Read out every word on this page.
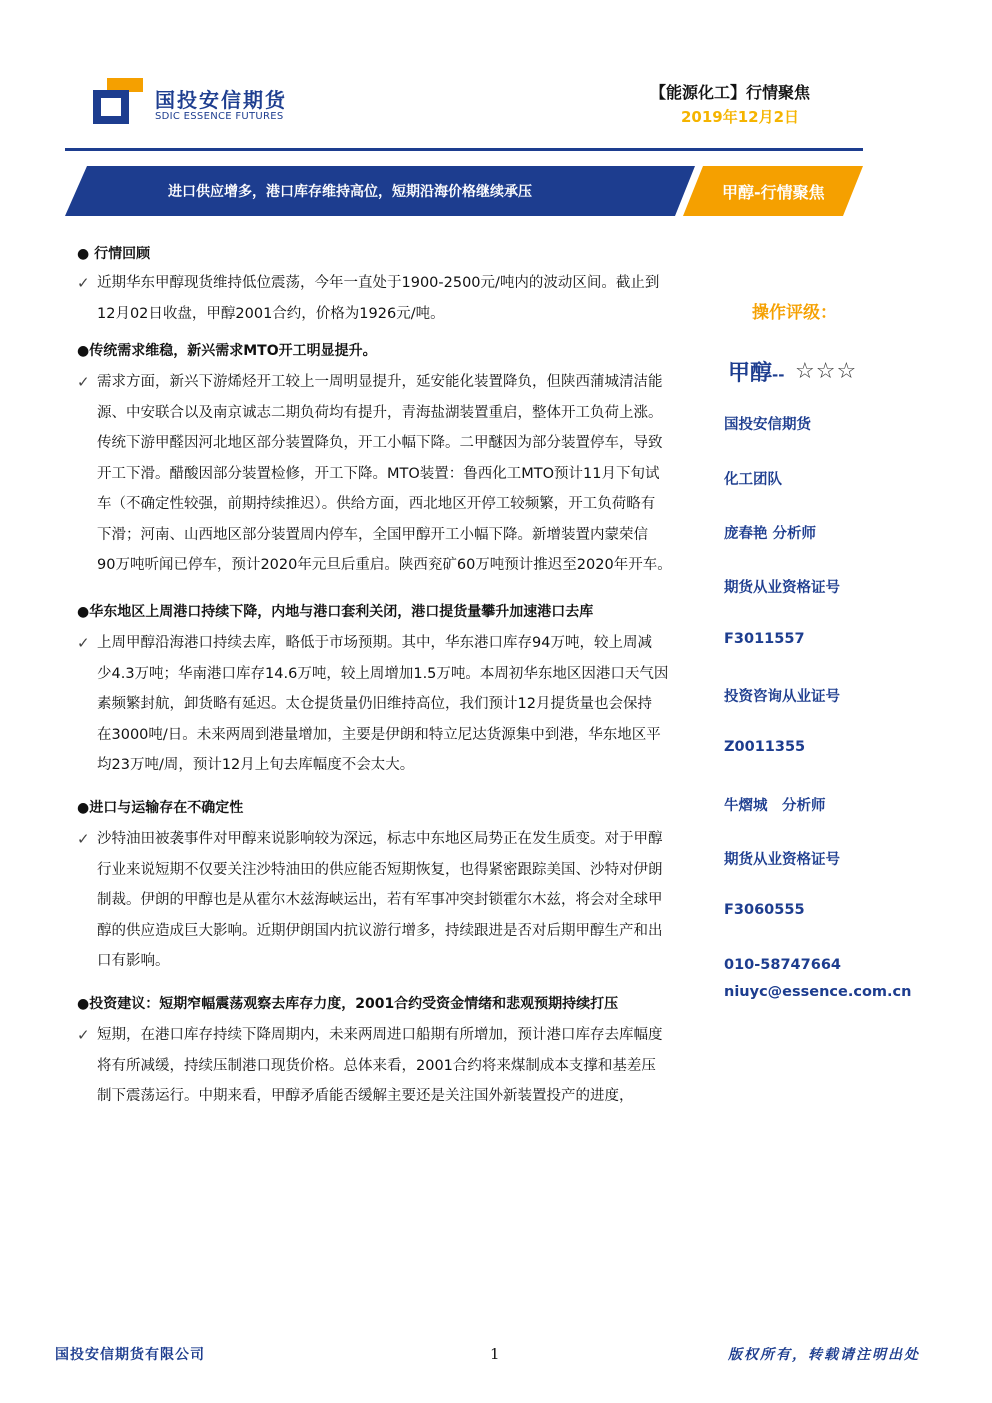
国投安信期货
SDIC ESSENCE FUTURES
【能源化工】行情聚焦
2019年12月2日
进口供应增多，港口库存维持高位，短期沿海价格继续承压	甲醇-行情聚焦
● 行情回顾
✓ 近期华东甲醇现货维持低位震荡，今年一直处于1900-2500元/吨内的波动区间。截止到
12月02日收盘，甲醇2001合约，价格为1926元/吨。
●传统需求维稳，新兴需求MTO开工明显提升。
✓ 需求方面，新兴下游烯烃开工较上一周明显提升，延安能化装置降负，但陕西蒲城清洁能
源、中安联合以及南京诚志二期负荷均有提升，青海盐湖装置重启，整体开工负荷上涨。
传统下游甲醛因河北地区部分装置降负，开工小幅下降。二甲醚因为部分装置停车，导致
开工下滑。醋酸因部分装置检修，开工下降。MTO装置：鲁西化工MTO预计11月下旬试
车（不确定性较强，前期持续推迟）。供给方面，西北地区开停工较频繁，开工负荷略有
下滑；河南、山西地区部分装置周内停车，全国甲醇开工小幅下降。新增装置内蒙荣信
90万吨听闻已停车，预计2020年元旦后重启。陕西兖矿60万吨预计推迟至2020年开车。
●华东地区上周港口持续下降，内地与港口套利关闭，港口提货量攀升加速港口去库
✓ 上周甲醇沿海港口持续去库，略低于市场预期。其中，华东港口库存94万吨，较上周减
少4.3万吨；华南港口库存14.6万吨，较上周增加1.5万吨。本周初华东地区因港口天气因
素频繁封航，卸货略有延迟。太仓提货量仍旧维持高位，我们预计12月提货量也会保持
在3000吨/日。未来两周到港量增加，主要是伊朗和特立尼达货源集中到港，华东地区平
均23万吨/周，预计12月上旬去库幅度不会太大。
●进口与运输存在不确定性
✓ 沙特油田被袭事件对甲醇来说影响较为深远，标志中东地区局势正在发生质变。对于甲醇
行业来说短期不仅要关注沙特油田的供应能否短期恢复，也得紧密跟踪美国、沙特对伊朗
制裁。伊朗的甲醇也是从霍尔木兹海峡运出，若有军事冲突封锁霍尔木兹，将会对全球甲
醇的供应造成巨大影响。近期伊朗国内抗议游行增多，持续跟进是否对后期甲醇生产和出
口有影响。
●投资建议：短期窄幅震荡观察去库存力度，2001合约受资金情绪和悲观预期持续打压
✓ 短期，在港口库存持续下降周期内，未来两周进口船期有所增加，预计港口库存去库幅度
将有所减缓，持续压制港口现货价格。总体来看，2001合约将来煤制成本支撑和基差压
制下震荡运行。中期来看，甲醇矛盾能否缓解主要还是关注国外新装置投产的进度，
操作评级：
甲醇-- ☆☆☆
国投安信期货
化工团队
庞春艳 分析师
期货从业资格证号
F3011557
投资咨询从业证号
Z0011355
牛熠城　分析师
期货从业资格证号
F3060555
010-58747664
niuyc@essence.com.cn
国投安信期货有限公司	1	版权所有，转载请注明出处
